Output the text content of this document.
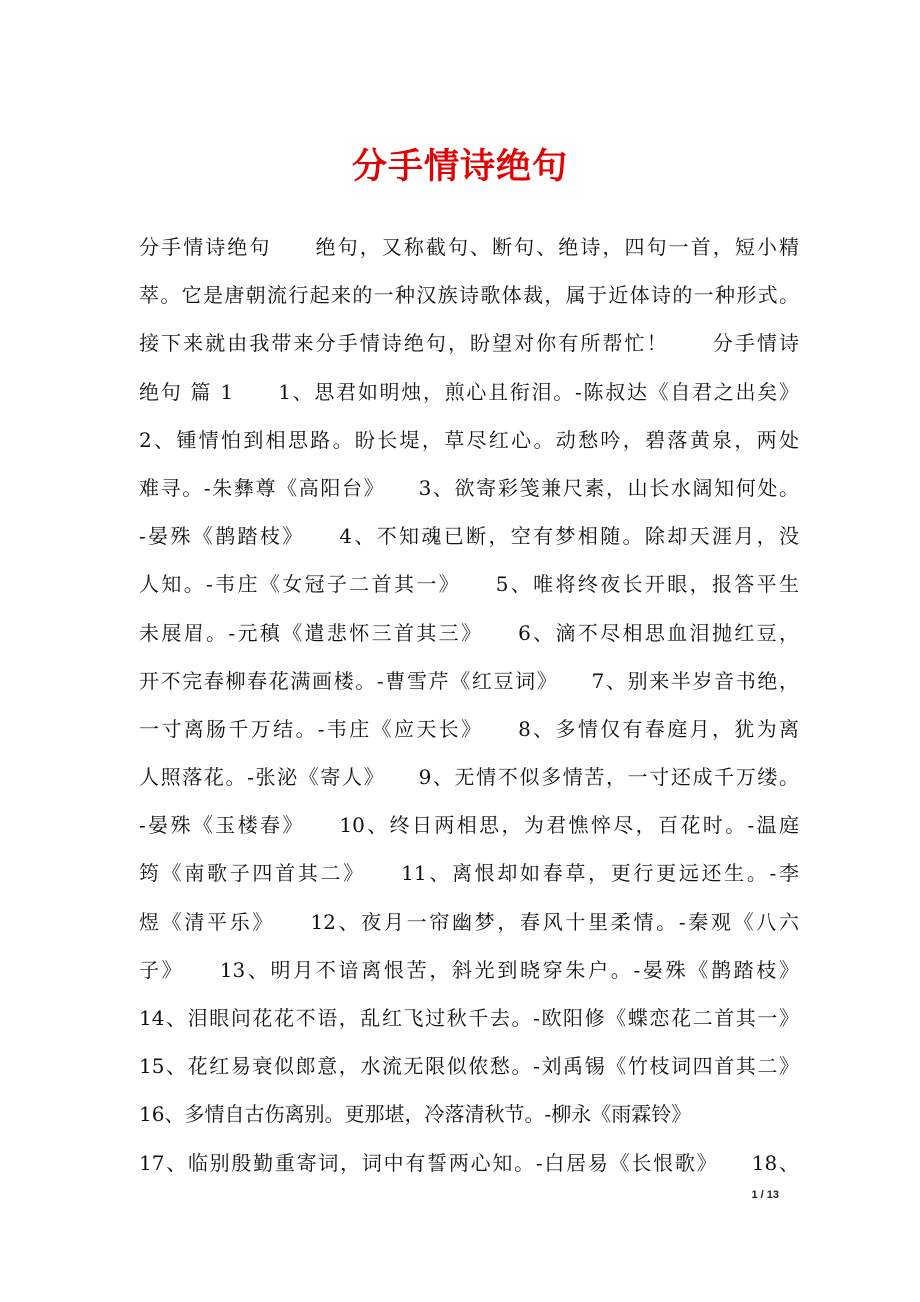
分手情诗绝句
分手情诗绝句　　绝句，又称截句、断句、绝诗，四句一首，短小精
萃。它是唐朝流行起来的一种汉族诗歌体裁，属于近体诗的一种形式。
接下来就由我带来分手情诗绝句，盼望对你有所帮忙！　　分手情诗
绝句 篇 1　　1、思君如明烛，煎心且衔泪。-陈叔达《自君之出矣》
2、锺情怕到相思路。盼长堤，草尽红心。动愁吟，碧落黄泉，两处
难寻。-朱彝尊《高阳台》　　3、欲寄彩笺兼尺素，山长水阔知何处。
-晏殊《鹊踏枝》　　4、不知魂已断，空有梦相随。除却天涯月，没
人知。-韦庄《女冠子二首其一》　　5、唯将终夜长开眼，报答平生
未展眉。-元稹《遣悲怀三首其三》　　6、滴不尽相思血泪抛红豆，
开不完春柳春花满画楼。-曹雪芹《红豆词》　　7、别来半岁音书绝，
一寸离肠千万结。-韦庄《应天长》　　8、多情仅有春庭月，犹为离
人照落花。-张泌《寄人》　　9、无情不似多情苦，一寸还成千万缕。
-晏殊《玉楼春》　　10、终日两相思，为君憔悴尽，百花时。-温庭
筠《南歌子四首其二》　　11、离恨却如春草，更行更远还生。-李
煜《清平乐》　　12、夜月一帘幽梦，春风十里柔情。-秦观《八六
子》　　13、明月不谙离恨苦，斜光到晓穿朱户。-晏殊《鹊踏枝》
14、泪眼问花花不语，乱红飞过秋千去。-欧阳修《蝶恋花二首其一》
15、花红易衰似郎意，水流无限似侬愁。-刘禹锡《竹枝词四首其二》
16、多情自古伤离别。更那堪，冷落清秋节。-柳永《雨霖铃》
17、临别殷勤重寄词，词中有誓两心知。-白居易《长恨歌》　　18、
1 / 13
